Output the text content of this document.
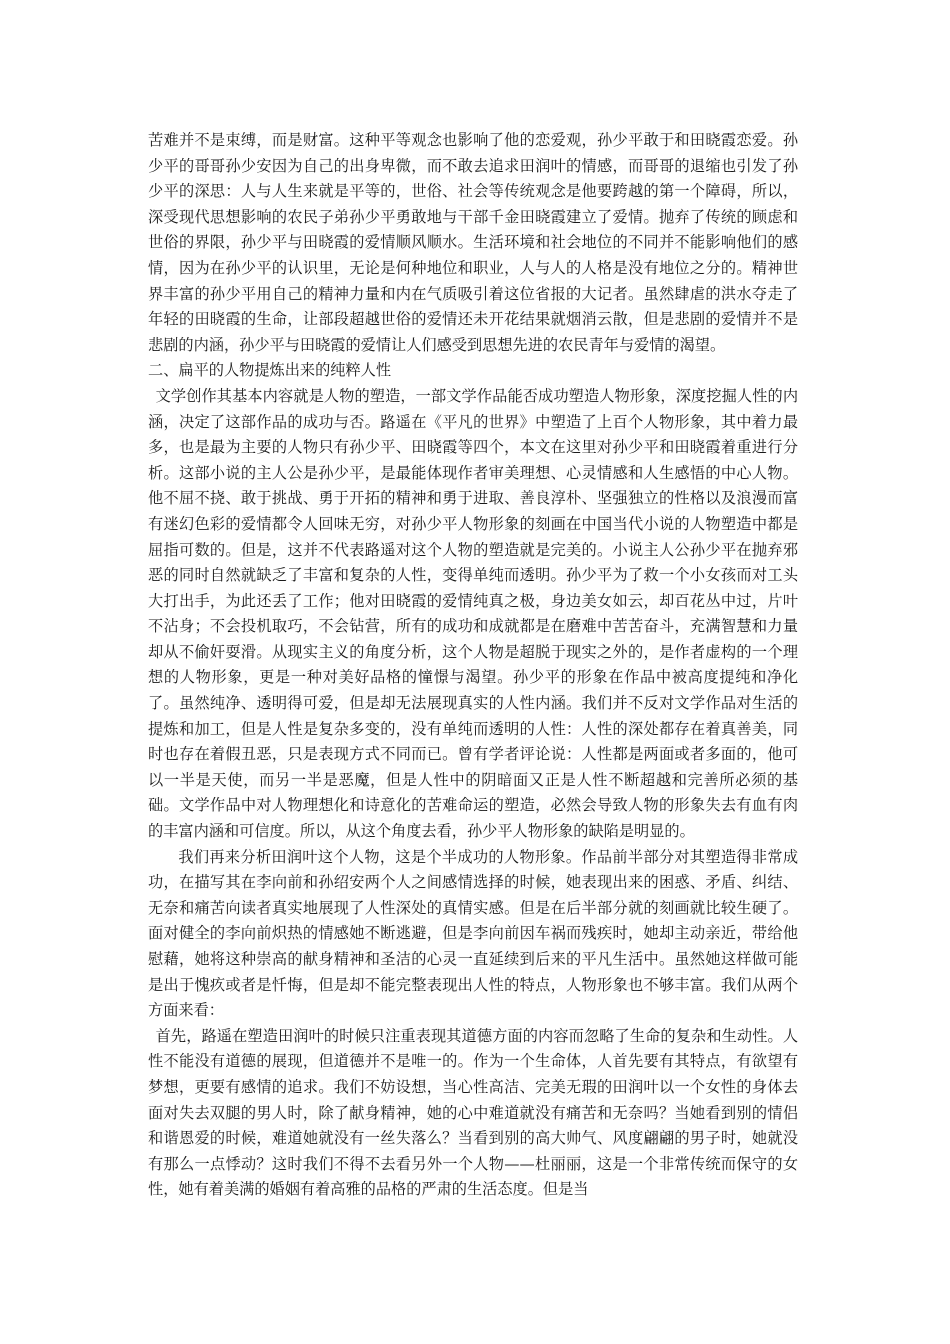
苦难并不是束缚，而是财富。这种平等观念也影响了他的恋爱观，孙少平敢于和田晓霞恋爱。孙少平的哥哥孙少安因为自己的出身卑微，而不敢去追求田润叶的情感，而哥哥的退缩也引发了孙少平的深思：人与人生来就是平等的，世俗、社会等传统观念是他要跨越的第一个障碍，所以，深受现代思想影响的农民子弟孙少平勇敢地与干部千金田晓霞建立了爱情。抛弃了传统的顾虑和世俗的界限，孙少平与田晓霞的爱情顺风顺水。生活环境和社会地位的不同并不能影响他们的感情，因为在孙少平的认识里，无论是何种地位和职业，人与人的人格是没有地位之分的。精神世界丰富的孙少平用自己的精神力量和内在气质吸引着这位省报的大记者。虽然肆虐的洪水夺走了年轻的田晓霞的生命，让部段超越世俗的爱情还未开花结果就烟消云散，但是悲剧的爱情并不是悲剧的内涵，孙少平与田晓霞的爱情让人们感受到思想先进的农民青年与爱情的渴望。

二、扁平的人物提炼出来的纯粹人性

文学创作其基本内容就是人物的塑造，一部文学作品能否成功塑造人物形象，深度挖掘人性的内涵，决定了这部作品的成功与否。路遥在《平凡的世界》中塑造了上百个人物形象，其中着力最多，也是最为主要的人物只有孙少平、田晓霞等四个，本文在这里对孙少平和田晓霞着重进行分析。这部小说的主人公是孙少平，是最能体现作者审美理想、心灵情感和人生感悟的中心人物。他不屈不挠、敢于挑战、勇于开拓的精神和勇于进取、善良淳朴、坚强独立的性格以及浪漫而富有迷幻色彩的爱情都令人回味无穷，对孙少平人物形象的刻画在中国当代小说的人物塑造中都是屈指可数的。但是，这并不代表路遥对这个人物的塑造就是完美的。小说主人公孙少平在抛弃邪恶的同时自然就缺乏了丰富和复杂的人性，变得单纯而透明。孙少平为了救一个小女孩而对工头大打出手，为此还丢了工作；他对田晓霞的爱情纯真之极，身边美女如云，却百花丛中过，片叶不沾身；不会投机取巧，不会钻营，所有的成功和成就都是在磨难中苦苦奋斗，充满智慧和力量却从不偷奸耍滑。从现实主义的角度分析，这个人物是超脱于现实之外的，是作者虚构的一个理想的人物形象，更是一种对美好品格的憧憬与渴望。孙少平的形象在作品中被高度提纯和净化了。虽然纯净、透明得可爱，但是却无法展现真实的人性内涵。我们并不反对文学作品对生活的提炼和加工，但是人性是复杂多变的，没有单纯而透明的人性：人性的深处都存在着真善美，同时也存在着假丑恶，只是表现方式不同而已。曾有学者评论说：人性都是两面或者多面的，他可以一半是天使，而另一半是恶魔，但是人性中的阴暗面又正是人性不断超越和完善所必须的基础。文学作品中对人物理想化和诗意化的苦难命运的塑造，必然会导致人物的形象失去有血有肉的丰富内涵和可信度。所以，从这个角度去看，孙少平人物形象的缺陷是明显的。

我们再来分析田润叶这个人物，这是个半成功的人物形象。作品前半部分对其塑造得非常成功，在描写其在李向前和孙绍安两个人之间感情选择的时候，她表现出来的困惑、矛盾、纠结、无奈和痛苦向读者真实地展现了人性深处的真情实感。但是在后半部分就的刻画就比较生硬了。面对健全的李向前炽热的情感她不断逃避，但是李向前因车祸而残疾时，她却主动亲近，带给他慰藉，她将这种崇高的献身精神和圣洁的心灵一直延续到后来的平凡生活中。虽然她这样做可能是出于愧疚或者是忏悔，但是却不能完整表现出人性的特点，人物形象也不够丰富。我们从两个方面来看：

首先，路遥在塑造田润叶的时候只注重表现其道德方面的内容而忽略了生命的复杂和生动性。人性不能没有道德的展现，但道德并不是唯一的。作为一个生命体，人首先要有其特点，有欲望有梦想，更要有感情的追求。我们不妨设想，当心性高洁、完美无瑕的田润叶以一个女性的身体去面对失去双腿的男人时，除了献身精神，她的心中难道就没有痛苦和无奈吗？当她看到别的情侣和谐恩爱的时候，难道她就没有一丝失落么？当看到别的高大帅气、风度翩翩的男子时，她就没有那么一点悸动？这时我们不得不去看另外一个人物——杜丽丽，这是一个非常传统而保守的女性，她有着美满的婚姻有着高雅的品格的严肃的生活态度。但是当
